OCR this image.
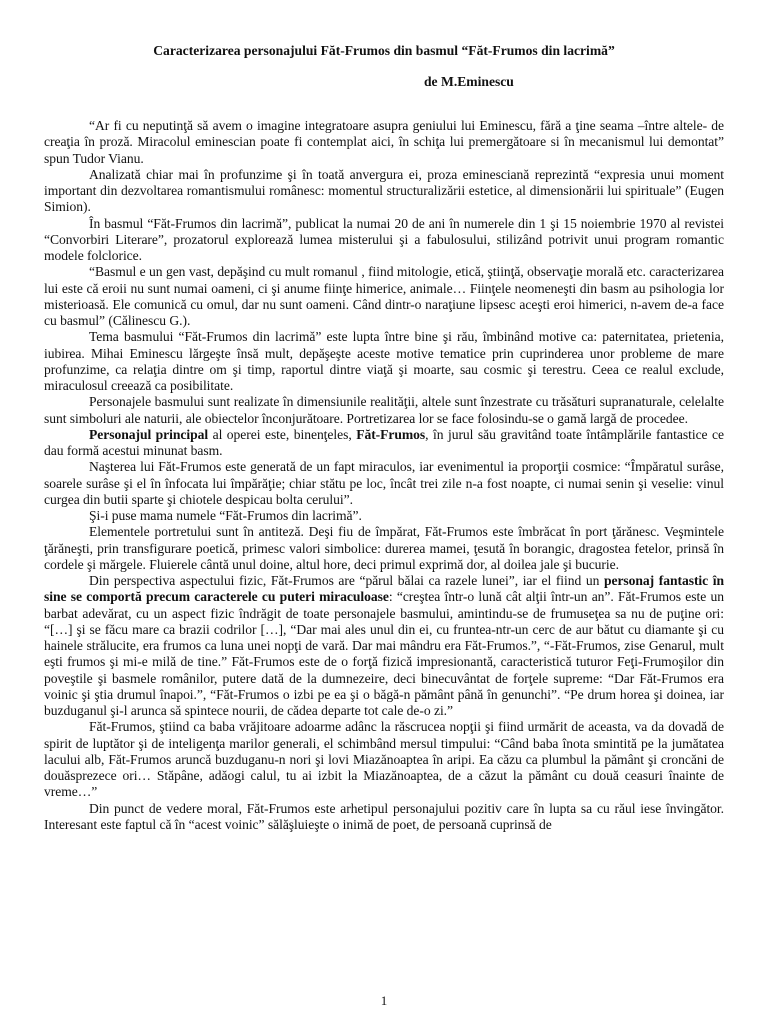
Caracterizarea personajului Făt-Frumos din basmul “Făt-Frumos din lacrimă”
de M.Eminescu

“Ar fi cu neputinţă să avem o imagine integratoare asupra geniului lui Eminescu, fără a ţine seama –între altele- de creaţia în proză. Miracolul eminescian poate fi contemplat aici, în schiţa lui premergătoare si în mecanismul lui demontat” spun Tudor Vianu.

Analizată chiar mai în profunzime şi în toată anvergura ei, proza eminesciană reprezintă “expresia unui moment important din dezvoltarea romantismului românesc: momentul structuralizării estetice, al dimensionării lui spirituale” (Eugen Simion).

În basmul “Făt-Frumos din lacrimă”, publicat la numai 20 de ani în numerele din 1 şi 15 noiembrie 1970 al revistei “Convorbiri Literare”, prozatorul explorează lumea misterului şi a fabulosului, stilizând potrivit unui program romantic modele folclorice.

“Basmul e un gen vast, depăşind cu mult romanul , fiind mitologie, etică, ştiinţă, observaţie morală etc. caracterizarea lui este că eroii nu sunt numai oameni, ci şi anume fiinţe himerice, animale… Fiinţele neomeneşti din basm au psihologia lor misterioasă. Ele comunică cu omul, dar nu sunt oameni. Când dintr-o naraţiune lipsesc aceşti eroi himerici, n-avem de-a face cu basmul” (Călinescu G.).

Tema basmului “Făt-Frumos din lacrimă” este lupta între bine şi rău, îmbinând motive ca: paternitatea, prietenia, iubirea. Mihai Eminescu lărgeşte însă mult, depăşeşte aceste motive tematice prin cuprinderea unor probleme de mare profunzime, ca relaţia dintre om şi timp, raportul dintre viaţă şi moarte, sau cosmic şi terestru. Ceea ce realul exclude, miraculosul creează ca posibilitate.

Personajele basmului sunt realizate în dimensiunile realităţii, altele sunt înzestrate cu trăsături supranaturale, celelalte sunt simboluri ale naturii, ale obiectelor înconjurătoare. Portretizarea lor se face folosindu-se o gamă largă de procedee.

Personajul principal al operei este, binenţeles, Făt-Frumos, în jurul său gravitând toate întâmplările fantastice ce dau formă acestui minunat basm.

Naşterea lui Făt-Frumos este generată de un fapt miraculos, iar evenimentul ia proporţii cosmice: “Împăratul surâse, soarele surâse şi el în înfocata lui împărăţie; chiar stătu pe loc, încât trei zile n-a fost noapte, ci numai senin şi veselie: vinul curgea din butii sparte şi chiotele despicau bolta cerului”.

Şi-i puse mama numele “Făt-Frumos din lacrimă”.

Elementele portretului sunt în antiteză. Deşi fiu de împărat, Făt-Frumos este îmbrăcat în port ţărănesc. Veşmintele ţărăneşti, prin transfigurare poetică, primesc valori simbolice: durerea mamei, ţesută în borangic, dragostea fetelor, prinsă în cordele şi mărgele. Fluierele cântă unul doine, altul hore, deci primul exprimă dor, al doilea jale şi bucurie.

Din perspectiva aspectului fizic, Făt-Frumos are “părul bălai ca razele lunei”, iar el fiind un personaj fantastic în sine se comportă precum caracterele cu puteri miraculoase: “creştea într-o lună cât alţii într-un an”. Făt-Frumos este un barbat adevărat, cu un aspect fizic îndrăgit de toate personajele basmului, amintindu-se de frumuseţea sa nu de puţine ori: “[…] şi se făcu mare ca brazii codrilor […], “Dar mai ales unul din ei, cu fruntea-ntr-un cerc de aur bătut cu diamante şi cu hainele strălucite, era frumos ca luna unei nopţi de vară. Dar mai mândru era Făt-Frumos.”, “-Făt-Frumos, zise Genarul, mult eşti frumos şi mi-e milă de tine.” Făt-Frumos este de o forţă fizică impresionantă, caracteristică tuturor Feţi-Frumoşilor din poveştile şi basmele românilor, putere dată de la dumnezeire, deci binecuvântat de forţele supreme: “Dar Făt-Frumos era voinic şi ştia drumul înapoi.”, “Făt-Frumos o izbi pe ea şi o băgă-n pământ până în genunchi”. “Pe drum horea şi doinea, iar buzduganul şi-l arunca să spintece nourii, de cădea departe tot cale de-o zi.”

Făt-Frumos, ştiind ca baba vrăjitoare adoarme adânc la răscrucea nopţii şi fiind urmărit de aceasta, va da dovadă de spirit de luptător şi de inteligenţa marilor generali, el schimbând mersul timpului: “Când baba înota smintită pe la jumătatea lacului alb, Făt-Frumos aruncă buzduganu-n nori şi lovi Miazănoaptea în aripi. Ea căzu ca plumbul la pământ şi croncăni de douăsprezece ori… Stăpâne, adăogi calul, tu ai izbit la Miazănoaptea, de a căzut la pământ cu două ceasuri înainte de vreme…”

Din punct de vedere moral, Făt-Frumos este arhetipul personajului pozitiv care în lupta sa cu răul iese învingător. Interesant este faptul că în “acest voinic” sălăşluieşte o inimă de poet, de persoană cuprinsă de

1
